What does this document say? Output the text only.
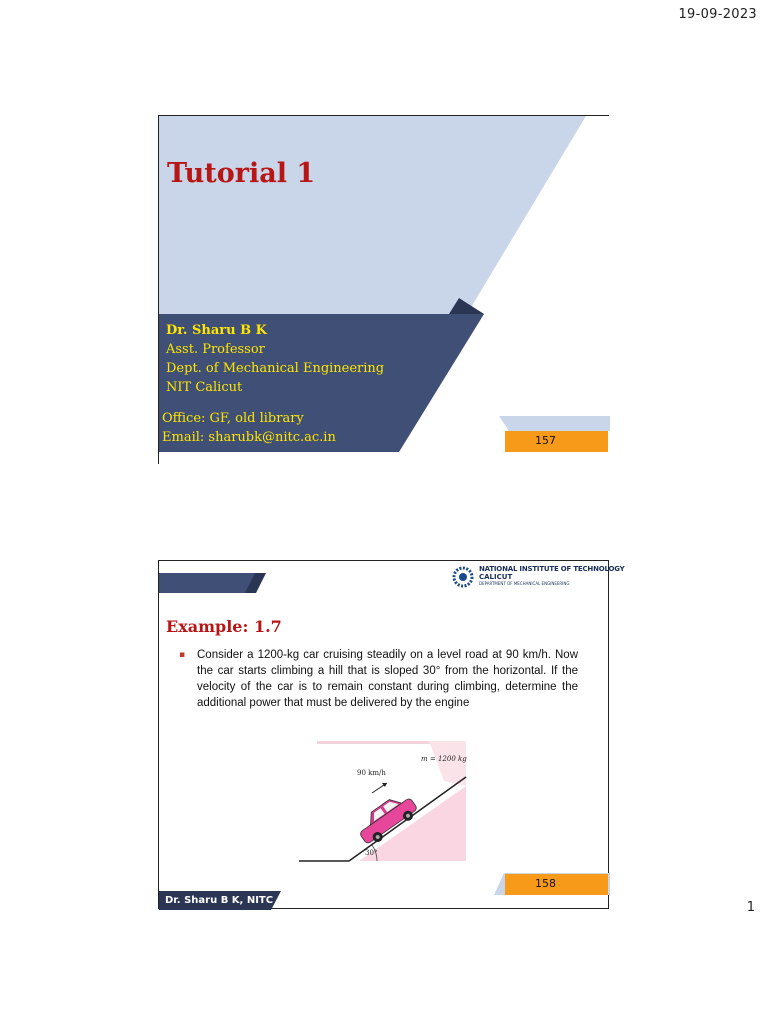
19-09-2023
Tutorial 1
Dr. Sharu B K
Asst. Professor
Dept. of Mechanical Engineering
NIT Calicut
Office: GF, old library
Email: sharubk@nitc.ac.in	157
NATIONAL INSTITUTE OF TECHNOLOGY
CALICUT
DEPARTMENT OF MECHANICAL ENGINEERING
Example: 1.7
▪ Consider a 1200-kg car cruising steadily on a level road at 90 km/h. Now the car starts climbing a hill that is sloped 30° from the horizontal. If the velocity of the car is to remain constant during climbing, determine the additional power that must be delivered by the engine
90 km/h
m = 1200 kg
30°
158
Dr. Sharu B K, NITC	1
